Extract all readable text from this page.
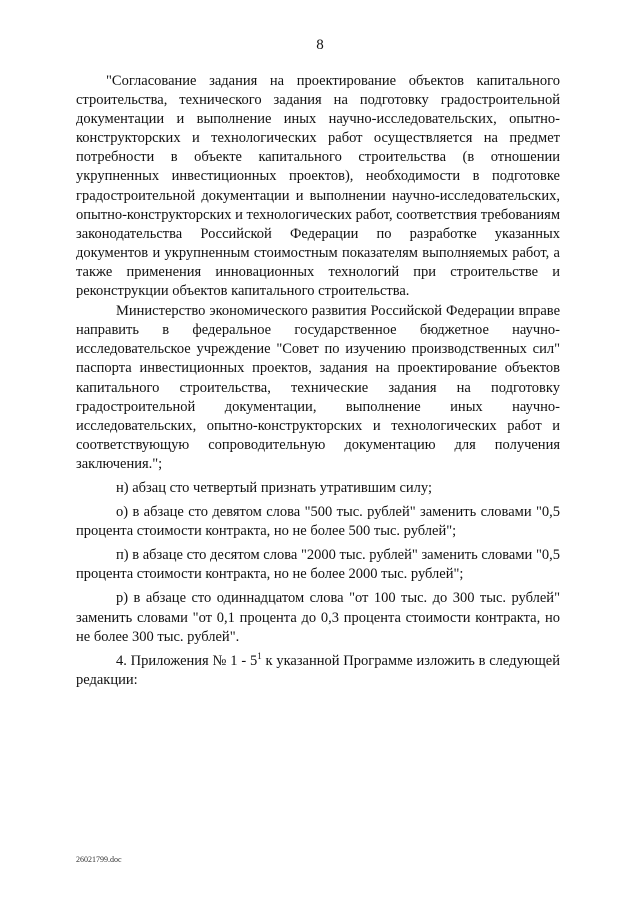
8

"Согласование задания на проектирование объектов капитального строительства, технического задания на подготовку градостроительной документации и выполнение иных научно-исследовательских, опытно-конструкторских и технологических работ осуществляется на предмет потребности в объекте капитального строительства (в отношении укрупненных инвестиционных проектов), необходимости в подготовке градостроительной документации и выполнении научно-исследовательских, опытно-конструкторских и технологических работ, соответствия требованиям законодательства Российской Федерации по разработке указанных документов и укрупненным стоимостным показателям выполняемых работ, а также применения инновационных технологий при строительстве и реконструкции объектов капитального строительства.

Министерство экономического развития Российской Федерации вправе направить в федеральное государственное бюджетное научно-исследовательское учреждение "Совет по изучению производственных сил" паспорта инвестиционных проектов, задания на проектирование объектов капитального строительства, технические задания на подготовку градостроительной документации, выполнение иных научно-исследовательских, опытно-конструкторских и технологических работ и соответствующую сопроводительную документацию для получения заключения.";

н) абзац сто четвертый признать утратившим силу;

о) в абзаце сто девятом слова "500 тыс. рублей" заменить словами "0,5 процента стоимости контракта, но не более 500 тыс. рублей";

п) в абзаце сто десятом слова "2000 тыс. рублей" заменить словами "0,5 процента стоимости контракта, но не более 2000 тыс. рублей";

р) в абзаце сто одиннадцатом слова "от 100 тыс. до 300 тыс. рублей" заменить словами "от 0,1 процента до 0,3 процента стоимости контракта, но не более 300 тыс. рублей".

4. Приложения № $1 - 5^1$ к указанной Программе изложить в следующей редакции:

26021799.doc
